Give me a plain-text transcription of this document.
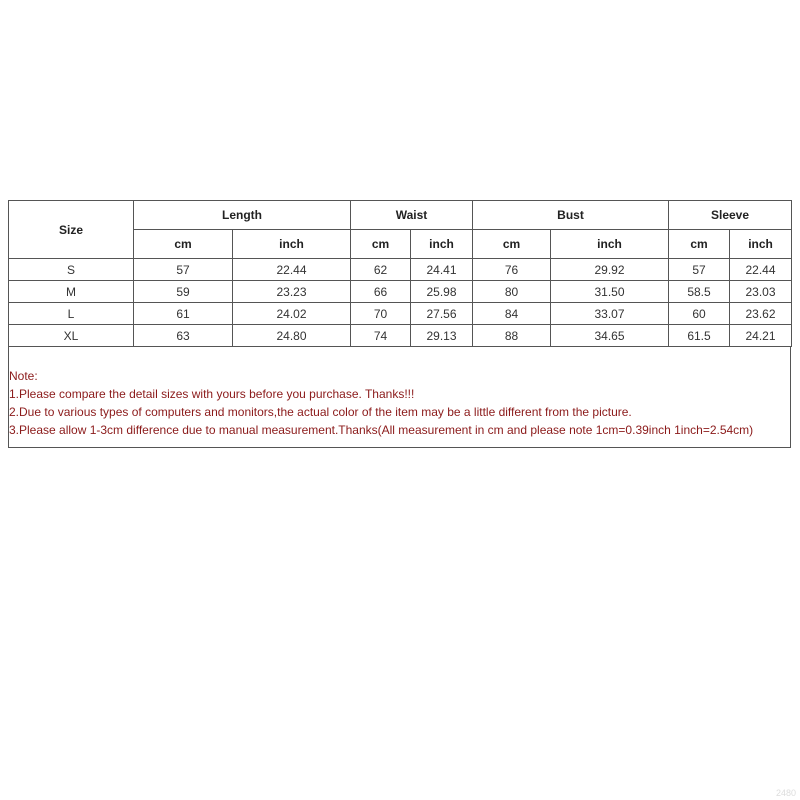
Size	Length		Waist		Bust		Sleeve	
	cm	inch	cm	inch	cm	inch	cm	inch
S	57	22.44	62	24.41	76	29.92	57	22.44
M	59	23.23	66	25.98	80	31.50	58.5	23.03
L	61	24.02	70	27.56	84	33.07	60	23.62
XL	63	24.80	74	29.13	88	34.65	61.5	24.21
Note:
1.Please compare the detail sizes with yours before you purchase. Thanks!!!
2.Due to various types of computers and monitors,the actual color of the item may be a little different from the picture.
3.Please allow 1-3cm difference due to manual measurement.Thanks(All measurement in cm and please note 1cm=0.39inch 1inch=2.54cm)
2480
